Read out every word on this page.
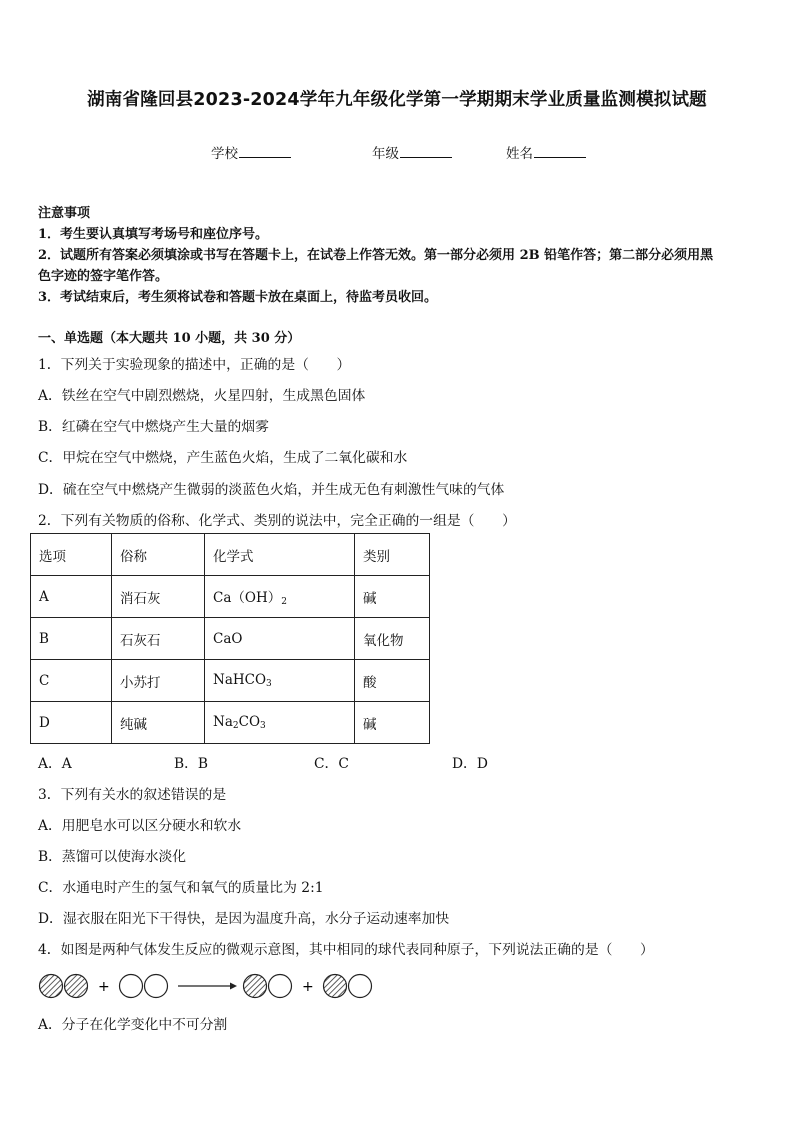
湖南省隆回县2023-2024学年九年级化学第一学期期末学业质量监测模拟试题
学校	年级	姓名
注意事项
1．考生要认真填写考场号和座位序号。
2．试题所有答案必须填涂或书写在答题卡上，在试卷上作答无效。第一部分必须用 2B 铅笔作答；第二部分必须用黑
色字迹的签字笔作答。
3．考试结束后，考生须将试卷和答题卡放在桌面上，待监考员收回。
一、单选题（本大题共 10 小题，共 30 分）
1．下列关于实验现象的描述中，正确的是（　　）
A．铁丝在空气中剧烈燃烧，火星四射，生成黑色固体
B．红磷在空气中燃烧产生大量的烟雾
C．甲烷在空气中燃烧，产生蓝色火焰，生成了二氧化碳和水
D．硫在空气中燃烧产生微弱的淡蓝色火焰，并生成无色有刺激性气味的气体
2．下列有关物质的俗称、化学式、类别的说法中，完全正确的一组是（　　）
选项	俗称	化学式	类别
A	消石灰	$Ca(OH)_2$	碱
B	石灰石	CaO	氧化物
C	小苏打	NaHCO$_3$	酸
D	纯碱	$Na_2CO_3$	碱
A．A	B．B	C．C	D．D
3．下列有关水的叙述错误的是
A．用肥皂水可以区分硬水和软水
B．蒸馏可以使海水淡化
C．水通电时产生的氢气和氧气的质量比为 2:1
D．湿衣服在阳光下干得快，是因为温度升高，水分子运动速率加快
4．如图是两种气体发生反应的微观示意图，其中相同的球代表同种原子，下列说法正确的是（　　）
+	+
A．分子在化学变化中不可分割
